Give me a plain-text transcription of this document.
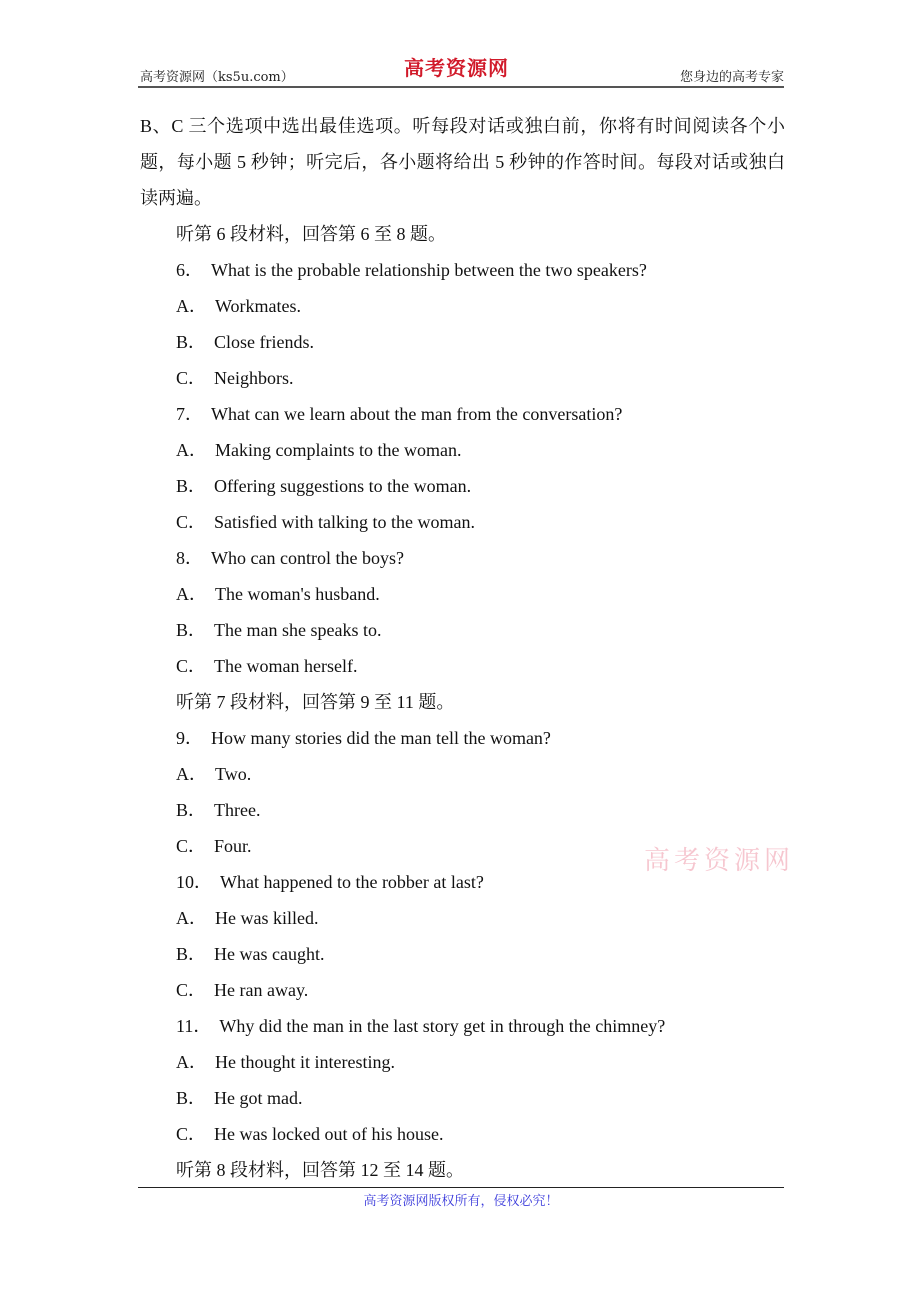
高考资源网（ks5u.com）	高考资源网	您身边的高考专家

B、C 三个选项中选出最佳选项。听每段对话或独白前，你将有时间阅读各个小题，每小题 5 秒钟；听完后，各小题将给出 5 秒钟的作答时间。每段对话或独白读两遍。

听第 6 段材料，回答第 6 至 8 题。
6． What is the probable relationship between the two speakers?
A． Workmates.
B． Close friends.
C． Neighbors.
7． What can we learn about the man from the conversation?
A． Making complaints to the woman.
B． Offering suggestions to the woman.
C． Satisfied with talking to the woman.
8． Who can control the boys?
A． The woman's husband.
B． The man she speaks to.
C． The woman herself.
听第 7 段材料，回答第 9 至 11 题。
9． How many stories did the man tell the woman?
A． Two.
B． Three.
C． Four.
10． What happened to the robber at last?
A． He was killed.
B． He was caught.
C． He ran away.
11． Why did the man in the last story get in through the chimney?
A． He thought it interesting.
B． He got mad.
C． He was locked out of his house.
听第 8 段材料，回答第 12 至 14 题。
高考资源网
高考资源网版权所有，侵权必究！
